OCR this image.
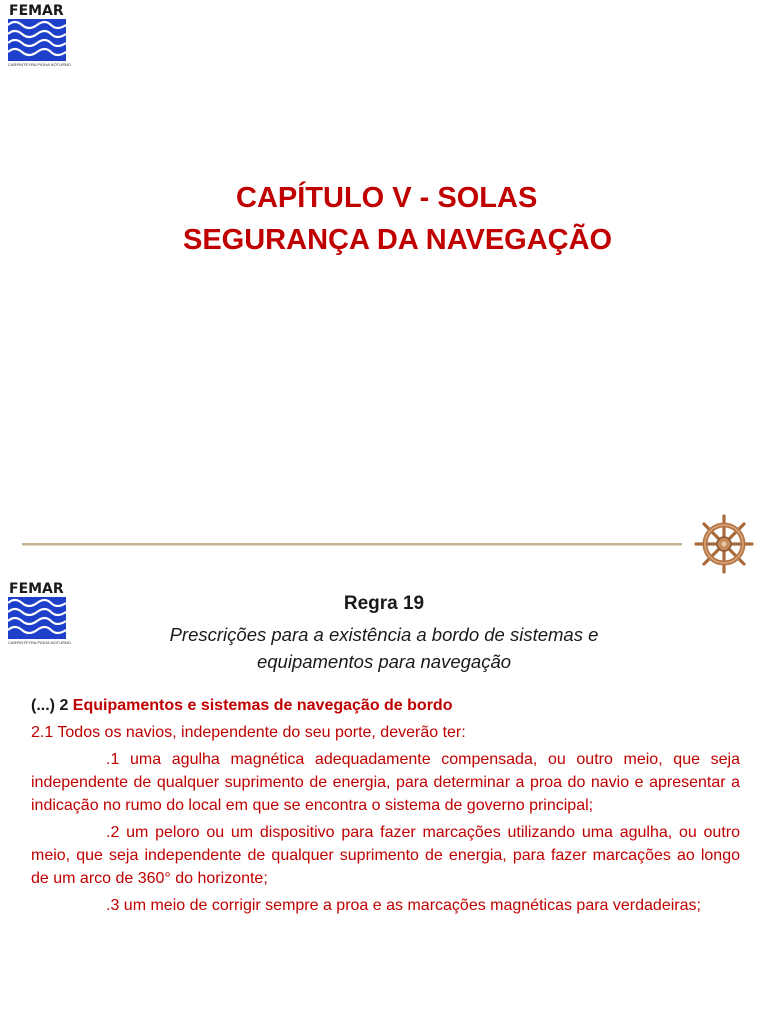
FEMAR
CARPINTEYRA PIGHA NOTURNO
CAPÍTULO V - SOLAS
SEGURANÇA DA NAVEGAÇÃO
FEMAR
CARPINTEYRA PIGHA NOTURNO
Regra 19
Prescrições para a existência a bordo de sistemas e equipamentos para navegação

(...) 2 Equipamentos e sistemas de navegação de bordo

2.1 Todos os navios, independente do seu porte, deverão ter:

.1 uma agulha magnética adequadamente compensada, ou outro meio, que seja independente de qualquer suprimento de energia, para determinar a proa do navio e apresentar a indicação no rumo do local em que se encontra o sistema de governo principal;

.2 um peloro ou um dispositivo para fazer marcações utilizando uma agulha, ou outro meio, que seja independente de qualquer suprimento de energia, para fazer marcações ao longo de um arco de 360° do horizonte;

.3 um meio de corrigir sempre a proa e as marcações magnéticas para verdadeiras;
